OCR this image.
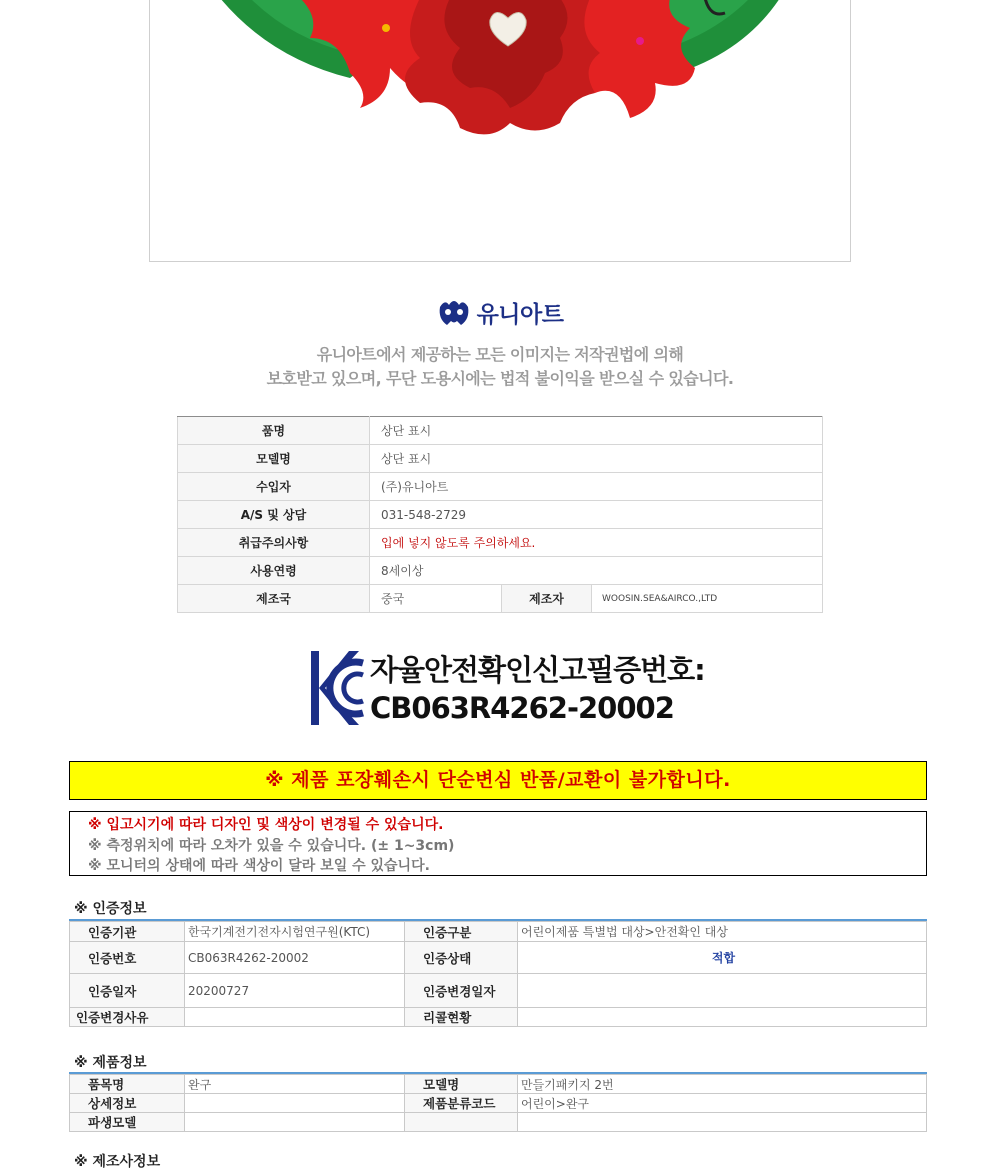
유니아트
유니아트에서 제공하는 모든 이미지는 저작권법에 의해
보호받고 있으며, 무단 도용시에는 법적 불이익을 받으실 수 있습니다.
품명	상단 표시		
모델명	상단 표시		
수입자	(주)유니아트		
A/S 및 상담	031-548-2729		
취급주의사항	입에 넣지 않도록 주의하세요.		
사용연령	8세이상		
제조국	중국	제조자	WOOSIN.SEA&AIRCO.,LTD
자율안전확인신고필증번호:
CB063R4262-20002
※ 제품 포장훼손시 단순변심 반품/교환이 불가합니다.
※ 입고시기에 따라 디자인 및 색상이 변경될 수 있습니다.
※ 측정위치에 따라 오차가 있을 수 있습니다. (± 1~3cm)
※ 모니터의 상태에 따라 색상이 달라 보일 수 있습니다.
※ 인증정보
인증기관	한국기계전기전자시험연구원(KTC)	인증구분	어린이제품 특별법 대상>안전확인 대상
인증번호	CB063R4262-20002	인증상태	적합
인증일자	20200727	인증변경일자	
인증변경사유		리콜현황	
※ 제품정보
품목명	완구	모델명	만들기패키지 2번
상세정보		제품분류코드	어린이>완구
파생모델			
※ 제조사정보
